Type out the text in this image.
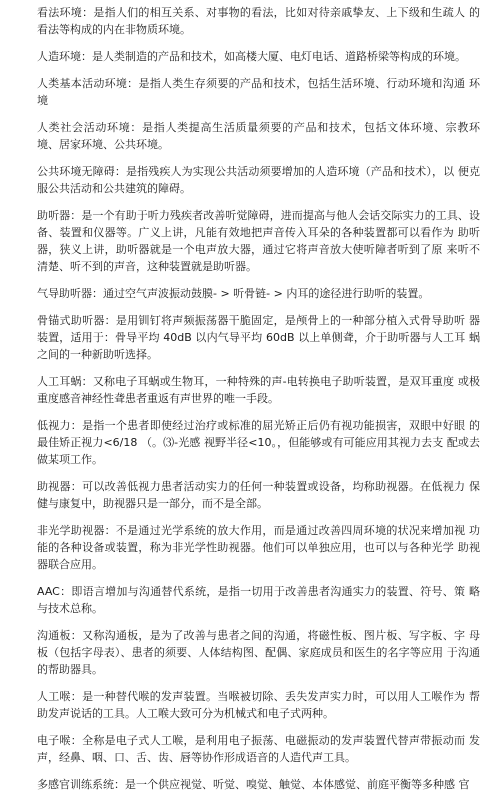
看法环境：是指人们的相互关系、对事物的看法，比如对待亲戚挚友、上下级和生疏人 的看法等构成的内在非物质环境。

人造环境：是人类制造的产品和技术，如高楼大厦、电灯电话、道路桥梁等构成的环境。

人类基本活动环境：是指人类生存须要的产品和技术，包括生活环境、行动环境和沟通 环境

人类社会活动环境：是指人类提高生活质量须要的产品和技术，包括文体环境、宗教环 境、居家环境、公共环境。

公共环境无障碍：是指残疾人为实现公共活动须要增加的人造环境（产品和技术），以 便克服公共活动和公共建筑的障碍。

助听器：是一个有助于听力残疾者改善听觉障碍，进而提高与他人会话交际实力的工具、设备、装置和仪器等。广义上讲，凡能有效地把声音传入耳朵的各种装置都可以看作为 助听器，狭义上讲，助听器就是一个电声放大器，通过它将声音放大使听障者听到了原 来听不清楚、听不到的声音，这种装置就是助听器。

气导助听器：通过空气声波振动鼓膜- > 听骨链- > 内耳的途径进行助听的装置。

骨锚式助听器：是用钏钉将声频振荡器干脆固定，是颅骨上的一种部分植入式骨导助听 器装置，适用于：骨导平均 40dB 以内气导平均 60dB 以上单侧聋，介于助听器与人工耳 蜗之间的一种新助听选择。

人工耳蜗：又称电子耳蜗或生物耳，一种特殊的声-电转换电子助听装置，是双耳重度 或极重度感音神经性聋患者重返有声世界的唯一手段。

低视力：是指一个患者即使经过治疗或标准的屈光矫正后仍有视功能损害，双眼中好眼 的最佳矫正视力<6/18 （。⑶-光感 视野半径<10。，但能够或有可能应用其视力去支 配或去做某项工作。

助视器：可以改善低视力患者活动实力的任何一种装置或设备，均称助视器。在低视力 保健与康复中，助视器只是一部分，而不是全部。

非光学助视器：不是通过光学系统的放大作用，而是通过改善四周环境的状况来增加视 功能的各种设备或装置，称为非光学性助视器。他们可以单独应用，也可以与各种光学 助视器联合应用。

AAC：即语言增加与沟通替代系统，是指一切用于改善患者沟通实力的装置、符号、策 略与技术总称。

沟通板：又称沟通板，是为了改善与患者之间的沟通，将磁性板、图片板、写字板、字 母板（包括字母表）、患者的须要、人体结构图、配偶、家庭成员和医生的名字等应用 于沟通的帮助器具。

人工喉：是一种替代喉的发声装置。当喉被切除、丢失发声实力时，可以用人工喉作为 帮助发声说话的工具。人工喉大致可分为机械式和电子式两种。

电子喉：全称是电子式人工喉，是利用电子振荡、电磁振动的发声装置代替声带振动而 发声，经鼻、咽、口、舌、齿、唇等协作形成语音的人造代声工具。

多感官训练系统：是一个供应视觉、听觉、嗅觉、触觉、本体感觉、前庭平衡等多种感 官
